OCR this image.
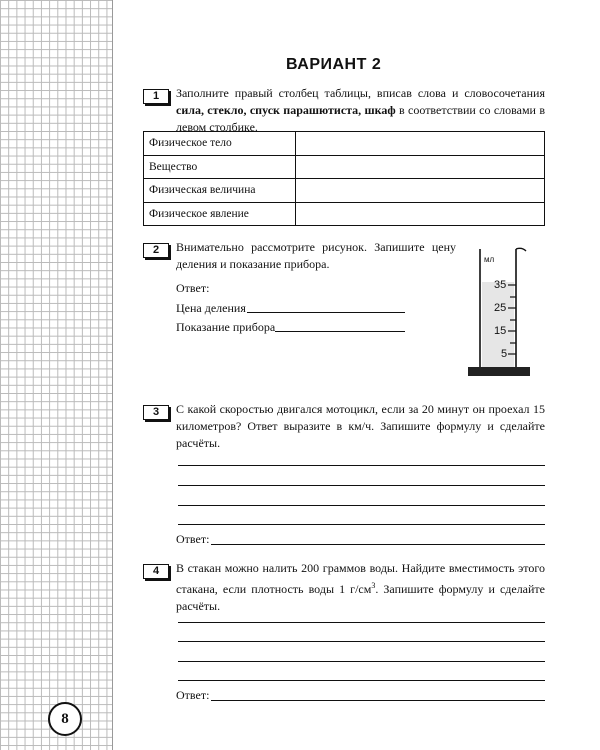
8
ВАРИАНТ 2
1	Заполните правый столбец таблицы, вписав слова и словосочетания сила, стекло, спуск парашютиста, шкаф в соответствии со словами в левом столбике.
Физическое тело	
Вещество	
Физическая величина	
Физическое явление	
2	Внимательно рассмотрите рисунок. Запишите цену деления и показание прибора.
Ответ:
Цена деления
Показание прибора
мл
35
25
15
5
3	С какой скоростью двигался мотоцикл, если за 20 минут он проехал 15 километров? Ответ выразите в км/ч. Запишите формулу и сделайте расчёты.
Ответ:
4	В стакан можно налить 200 граммов воды. Найдите вместимость этого стакана, если плотность воды 1 $г/см^3$. Запишите формулу и сделайте расчёты.
Ответ:
